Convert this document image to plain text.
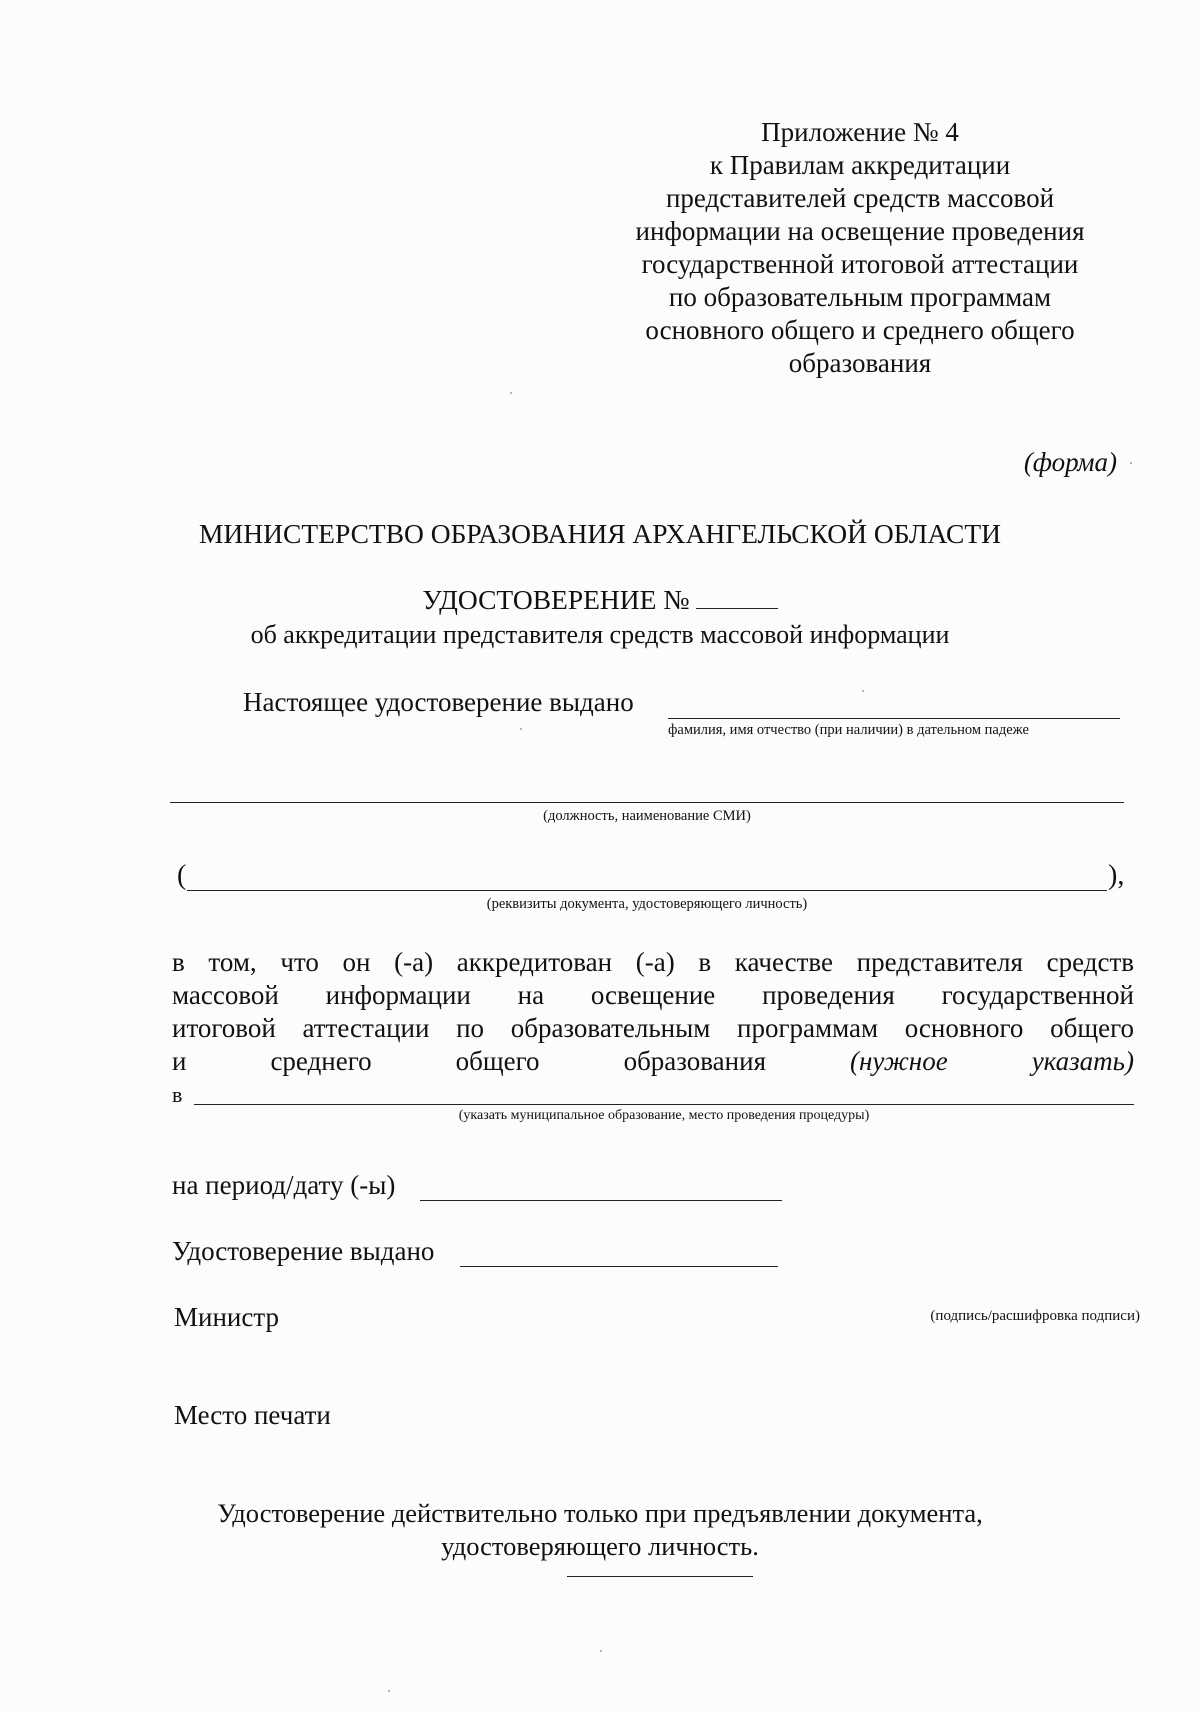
Приложение № 4
к Правилам аккредитации
представителей средств массовой
информации на освещение проведения
государственной итоговой аттестации
по образовательным программам
основного общего и среднего общего
образования
(форма)
МИНИСТЕРСТВО ОБРАЗОВАНИЯ АРХАНГЕЛЬСКОЙ ОБЛАСТИ
УДОСТОВЕРЕНИЕ №
об аккредитации представителя средств массовой информации
Настоящее удостоверение выдано
фамилия, имя отчество (при наличии) в дательном падеже
(должность, наименование СМИ)
(	),
(реквизиты документа, удостоверяющего личность)
в том, что он (-а) аккредитован (-а) в качестве представителя средств
массовой информации на освещение проведения государственной
итоговой аттестации по образовательным программам основного общего
и	среднего	общего	образования	(нужное	указать)
в
(указать муниципальное образование, место проведения процедуры)
на период/дату (-ы)
Удостоверение выдано
Министр	(подпись/расшифровка подписи)
Место печати
Удостоверение действительно только при предъявлении документа,
удостоверяющего личность.
